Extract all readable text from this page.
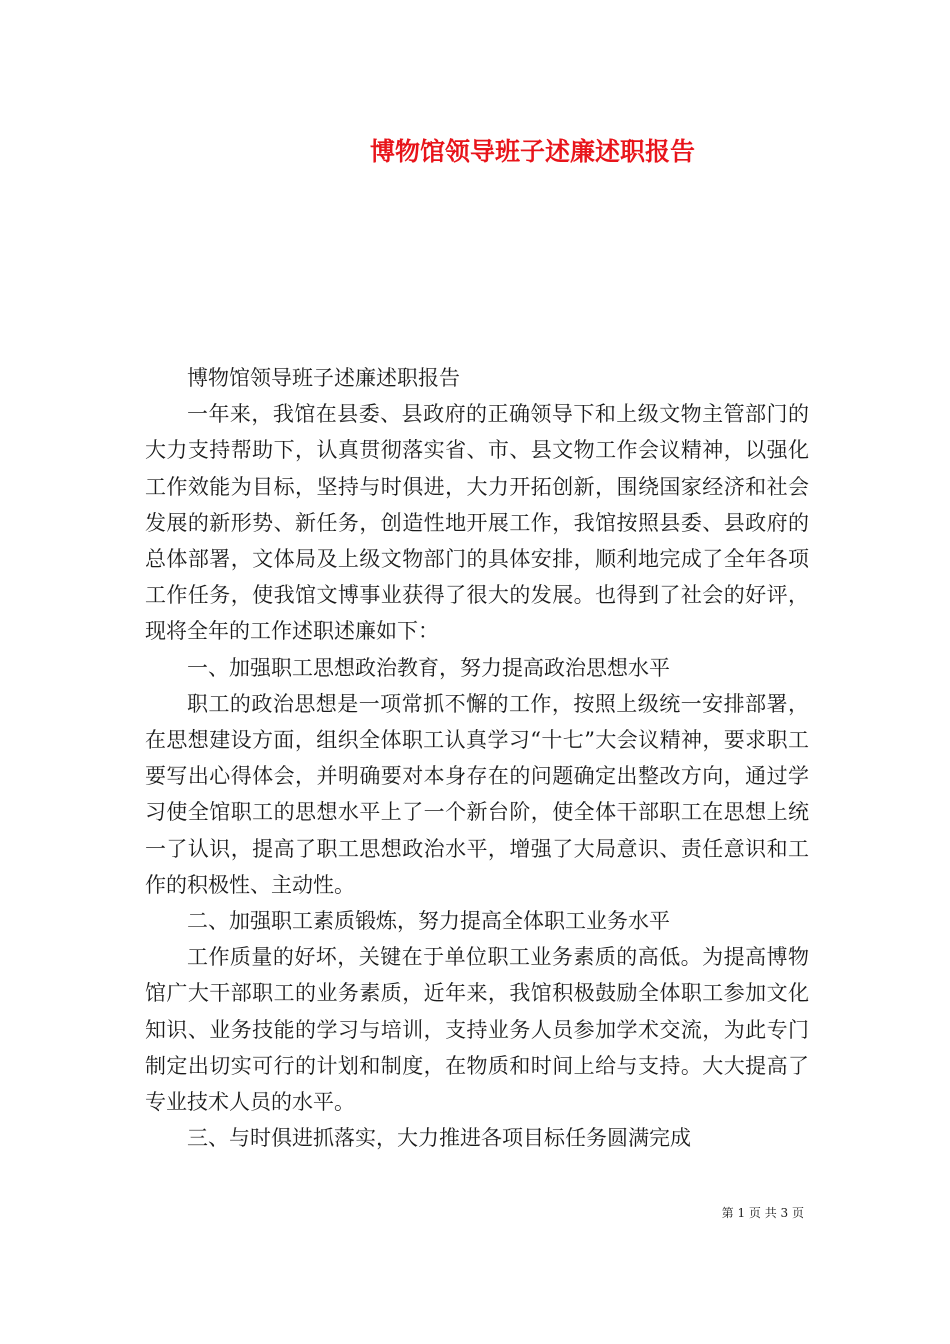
博物馆领导班子述廉述职报告

博物馆领导班子述廉述职报告

一年来，我馆在县委、县政府的正确领导下和上级文物主管部门的大力支持帮助下，认真贯彻落实省、市、县文物工作会议精神，以强化工作效能为目标，坚持与时俱进，大力开拓创新，围绕国家经济和社会发展的新形势、新任务，创造性地开展工作，我馆按照县委、县政府的总体部署，文体局及上级文物部门的具体安排，顺利地完成了全年各项工作任务，使我馆文博事业获得了很大的发展。也得到了社会的好评，现将全年的工作述职述廉如下：

一、加强职工思想政治教育，努力提高政治思想水平

职工的政治思想是一项常抓不懈的工作，按照上级统一安排部署，在思想建设方面，组织全体职工认真学习“十七”大会议精神，要求职工要写出心得体会，并明确要对本身存在的问题确定出整改方向，通过学习使全馆职工的思想水平上了一个新台阶，使全体干部职工在思想上统一了认识，提高了职工思想政治水平，增强了大局意识、责任意识和工作的积极性、主动性。

二、加强职工素质锻炼，努力提高全体职工业务水平

工作质量的好坏，关键在于单位职工业务素质的高低。为提高博物馆广大干部职工的业务素质，近年来，我馆积极鼓励全体职工参加文化知识、业务技能的学习与培训，支持业务人员参加学术交流，为此专门制定出切实可行的计划和制度，在物质和时间上给与支持。大大提高了专业技术人员的水平。

三、与时俱进抓落实，大力推进各项目标任务圆满完成

第 1 页 共 3 页
